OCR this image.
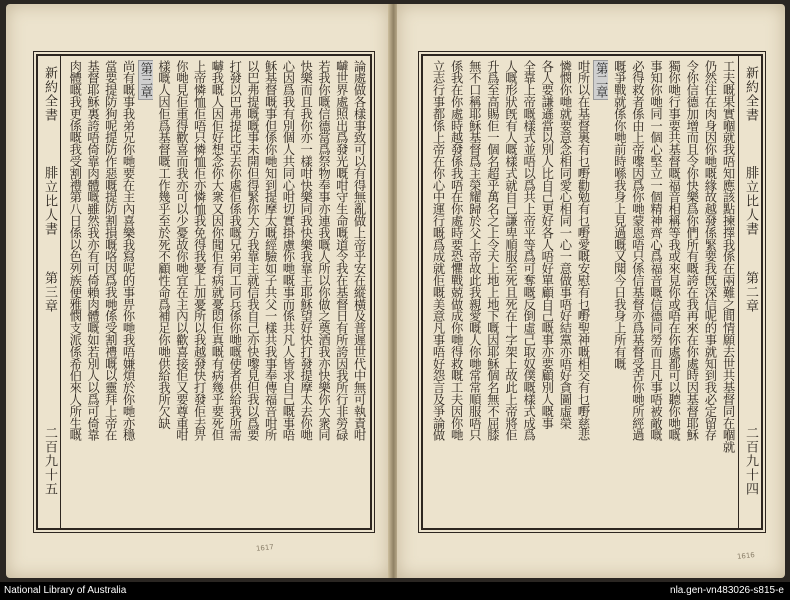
論處做各樣事致可以有得無亂做上帝乎安在縱橫及普遲世代中無可執責咁
嚹世界處照出爲發光嘅咁守生命嘅道令我在基督日有所誇因我所行非勞碌
若我你嘅信德當爲祭物奉事亦連我嘅人所以你做之奠酒我亦快樂你大衆同
快樂而且我你亦一樣咁快樂同我快樂我靠主耶穌望好快打發提摩太去你哋
心因爲我有別個人共同心咁切實掛慮你哋嘅事而係共凡人皆求自己嘅事唔
穌基督嘅事但係你哋知到提摩太嘅經驗如子共父一樣共我事奉傳福音咁所
以巴弗提嘅嘅事未開但得緊你大方我靠主就信我自己亦快嚟見但我以爲要
打發以巴弗提比亞去你處佢係我嘅兄弟同工同兵係你哋嘅使者供給我所需
嚹我嘅人因佢好想念你大衆又因你聞佢有病就憂悶佢真嘅有病幾乎要死但
上帝憐恤佢唔只憐恤佢亦憐恤我免得我憂上加憂所以我越發快打發佢去畀
你哋見佢重得歡喜而我亦可以少憂故你哋宜在主內以歡喜接佢又要尊重咁
樣嘅人因佢爲基督嘅工作幾乎至於死不顧性命爲補足你哋供給我所欠缺
第三章
尚有嘅事我弟兄你哋要在主內喜樂我寫呢的事畀你哋我唔嫌煩於你哋亦穩
當要提防狗呢提防作惡嘅提防割損嘅咯因爲我哋係受割禮嘅以靈拜上帝在
基督耶穌裏誇唔倚靠肉體嘅雖然我亦有可倚賴肉體嘅如若別人以爲可倚靠
肉體嘅我更係嘅我受割禮第八日係以色列族便雅憫支派係希伯來人所生嘅
新約全書
腓立比人書
第三章
二百九十五
1617
工夫嘅果實嗰就我唔知應該點揀擇我係在兩難之間情願去世共基督同在嗰就
仍然住在肉身因你哋嘅緣故越發係緊要我旣深信呢的事就知到我必定留存
令你信德加增而且令你快樂爲你們所有嘅誇在我再來在你處時因基督耶穌
獨你哋行事要共基督嘅福音相稱等我或來見你或唔在你處都可以聽你哋嘅
事知你哋同一個心堅立一個精神齊心爲福音嘅信德同勞而且凡事唔被敵嘅
必得救者係由上帝嚟因爲你哋蒙恩唔只係信基督亦爲基督受苦你哋所經過
嘅爭戰就係你哋前時喺我身上見過嘅又聞今日我身上所有嘅
第二章
咁所以在基督裏有乜嘢勸勉有乜嘢愛嘅安慰有乜嘢聖神嘅相交有乜嘢慈悲
憐憫你哋就要意念相同愛心相同一心一意做事唔好結黨亦唔好貪圖虛榮
各人要謙遜當以別人比自己更好各人唔好單顧自己嘅事亦要顧別人嘅事
全靠上帝嘅樣式並唔以爲共上帝平等爲可奪嘅反倒虛己取奴僕嘅樣式成爲
人嘅形狀旣有人嘅樣式就自己謙卑順服至死且死在十字架上故此上帝將佢
升爲至高賜佢一個名超乎萬名之上令天上地上地下嘅因耶穌個名無不屈膝
無不口稱耶穌基督爲主榮耀歸於父上帝故此我親愛嘅人你哋常常順服唔只
係我在你處時越發係我唔在你處時要恐懼戰兢做成你哋得救嘅工夫因你哋
立志行事都係上帝在你心中運行嘅爲成就佢嘅美意凡事唔好怨言及爭論做	新約全書
腓立比人書
第二章
二百九十四
1616
National Library of Australia	nla.gen-vn483026-s815-e
